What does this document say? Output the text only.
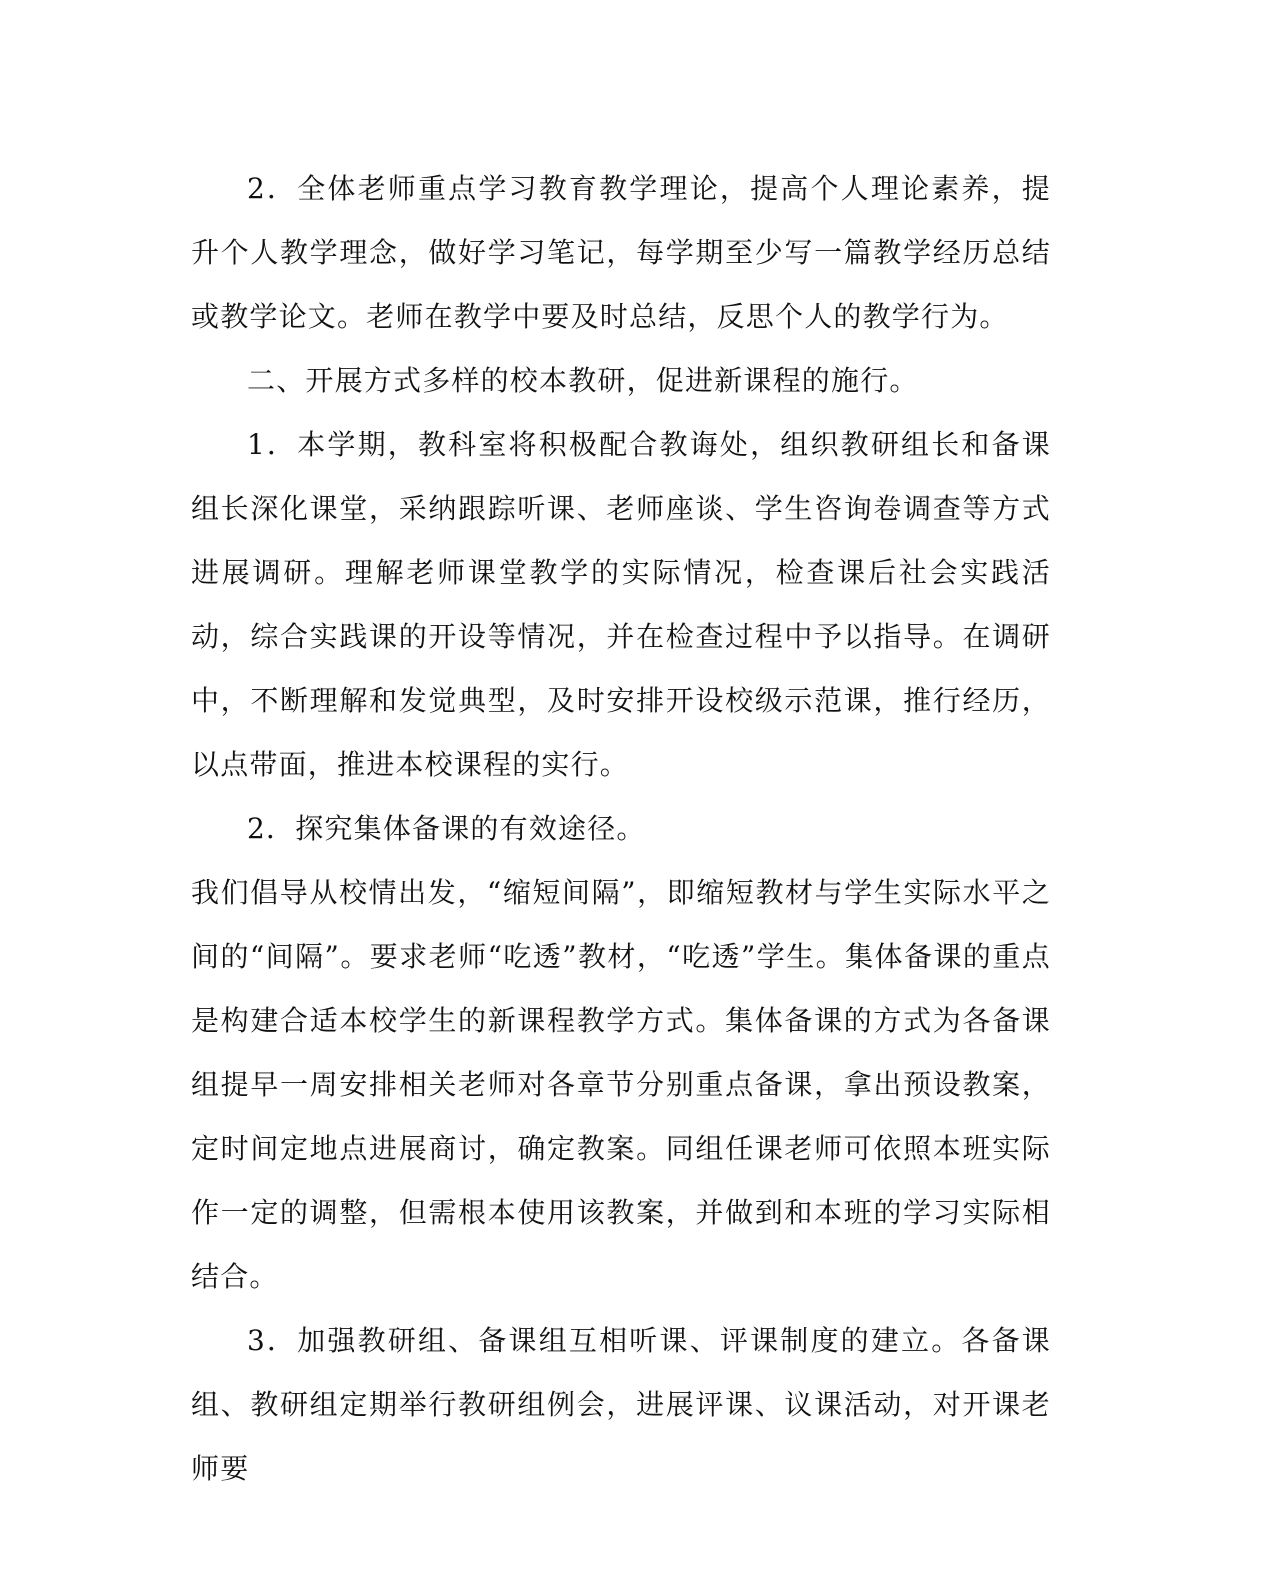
2．全体老师重点学习教育教学理论，提高个人理论素养，提升个人教学理念，做好学习笔记，每学期至少写一篇教学经历总结或教学论文。老师在教学中要及时总结，反思个人的教学行为。

二、开展方式多样的校本教研，促进新课程的施行。

1．本学期，教科室将积极配合教诲处，组织教研组长和备课组长深化课堂，采纳跟踪听课、老师座谈、学生咨询卷调查等方式进展调研。理解老师课堂教学的实际情况，检查课后社会实践活动，综合实践课的开设等情况，并在检查过程中予以指导。在调研中，不断理解和发觉典型，及时安排开设校级示范课，推行经历，以点带面，推进本校课程的实行。

2．探究集体备课的有效途径。

我们倡导从校情出发，“缩短间隔”，即缩短教材与学生实际水平之间的“间隔”。要求老师“吃透”教材，“吃透”学生。集体备课的重点是构建合适本校学生的新课程教学方式。集体备课的方式为各备课组提早一周安排相关老师对各章节分别重点备课，拿出预设教案，定时间定地点进展商讨，确定教案。同组任课老师可依照本班实际作一定的调整，但需根本使用该教案，并做到和本班的学习实际相结合。

3．加强教研组、备课组互相听课、评课制度的建立。各备课组、教研组定期举行教研组例会，进展评课、议课活动，对开课老师要
